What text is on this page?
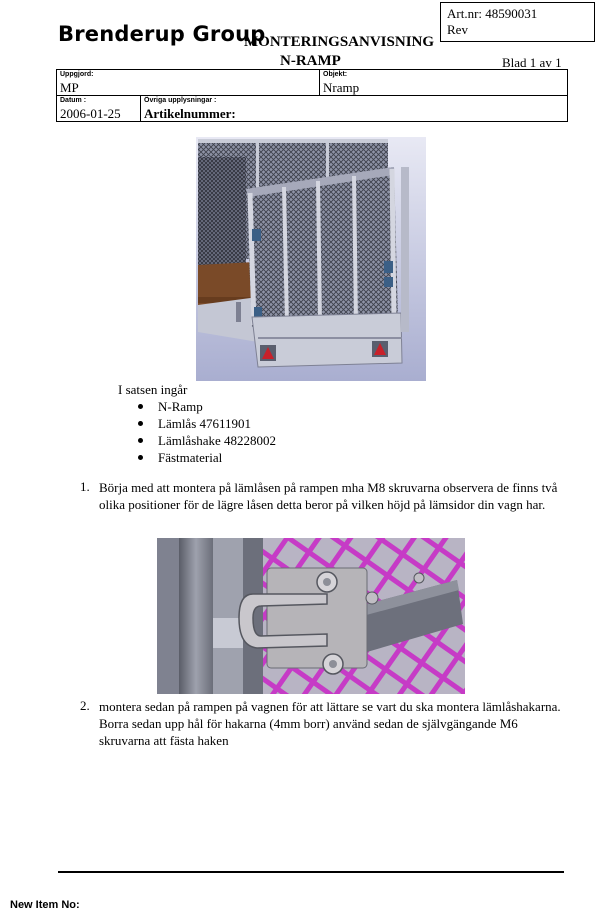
Brenderup Group
MONTERINGSANVISNING
N-RAMP
Art.nr: 48590031
Rev
Blad 1 av 1
Uppgjord:
MP
Objekt:
Nramp
Datum :
2006-01-25
Övriga upplysningar :
Artikelnummer:
I satsen ingår
N-Ramp
Lämlås 47611901
Lämlåshake 48228002
Fästmaterial
1. Börja med att montera på lämlåsen på rampen mha M8 skruvarna observera de finns två olika positioner för de lägre låsen detta beror på vilken höjd på lämsidor din vagn har.
2. montera sedan på rampen på vagnen för att lättare se vart du ska montera lämlåshakarna. Borra sedan upp hål för hakarna (4mm borr) använd sedan de självgängande M6 skruvarna att fästa haken
New Item No:
